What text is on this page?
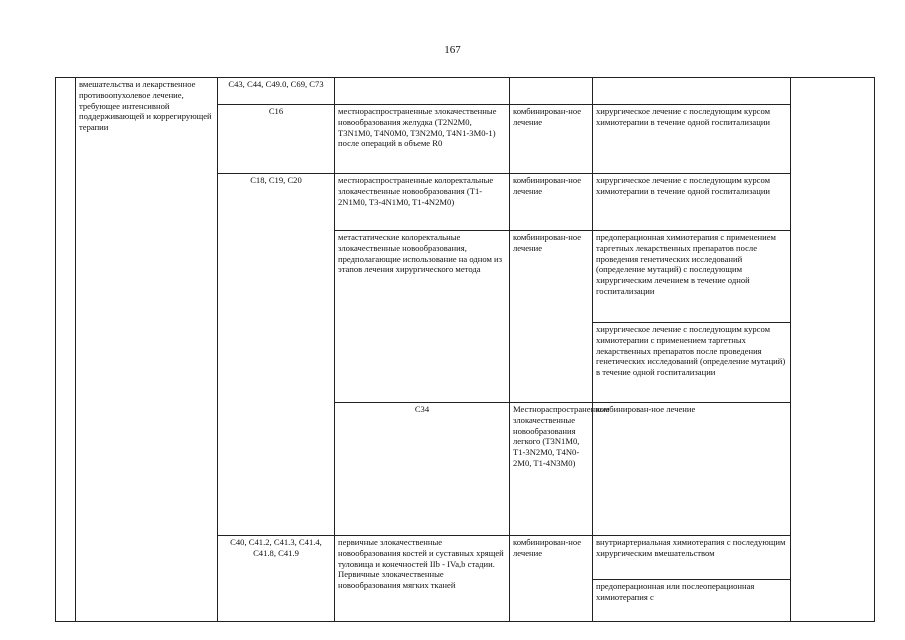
167
	вмешательства и лекарственное противоопухолевое лечение, требующее интенсивной поддерживающей и коррегирующей терапии	C43, C44, C49.0, C69, C73					
		C16	местнораспространенные злокачественные новообразования желудка (T2N2M0, T3N1M0, T4N0M0, T3N2M0, T4N1-3M0-1) после операций в объеме R0	комбинирован-ное лечение	хирургическое лечение с последующим курсом химиотерапии в течение одной госпитализации		
		C18, C19, C20	местнораспространенные колоректальные злокачественные новообразования (T1-2N1M0, T3-4N1M0, T1-4N2M0)	комбинирован-ное лечение	хирургическое лечение с последующим курсом химиотерапии в течение одной госпитализации		
			метастатические колоректальные злокачественные новообразования, предполагающие использование на одном из этапов лечения хирургического метода	комбинирован-ное лечение	предоперационная химиотерапия с применением таргетных лекарственных препаратов после проведения генетических исследований (определение мутаций) с последующим хирургическим лечением в течение одной госпитализации		
					хирургическое лечение с последующим курсом химиотерапии с применением таргетных лекарственных препаратов после проведения генетических исследований (определение мутаций) в течение одной госпитализации		
			C34	Местнораспространенные злокачественные новообразования легкого (T3N1M0, T1-3N2M0, T4N0-2M0, T1-4N3M0)	комбинирован-ное лечение	
		C40, C41.2, C41.3, C41.4, C41.8, C41.9	первичные злокачественные новообразования костей и суставных хрящей туловища и конечностей IIb - IVa,b стадии. Первичные злокачественные новообразования мягких тканей	комбинирован-ное лечение	внутриартериальная химиотерапия с последующим хирургическим вмешательством		
					предоперационная или послеоперационная химиотерапия с		
